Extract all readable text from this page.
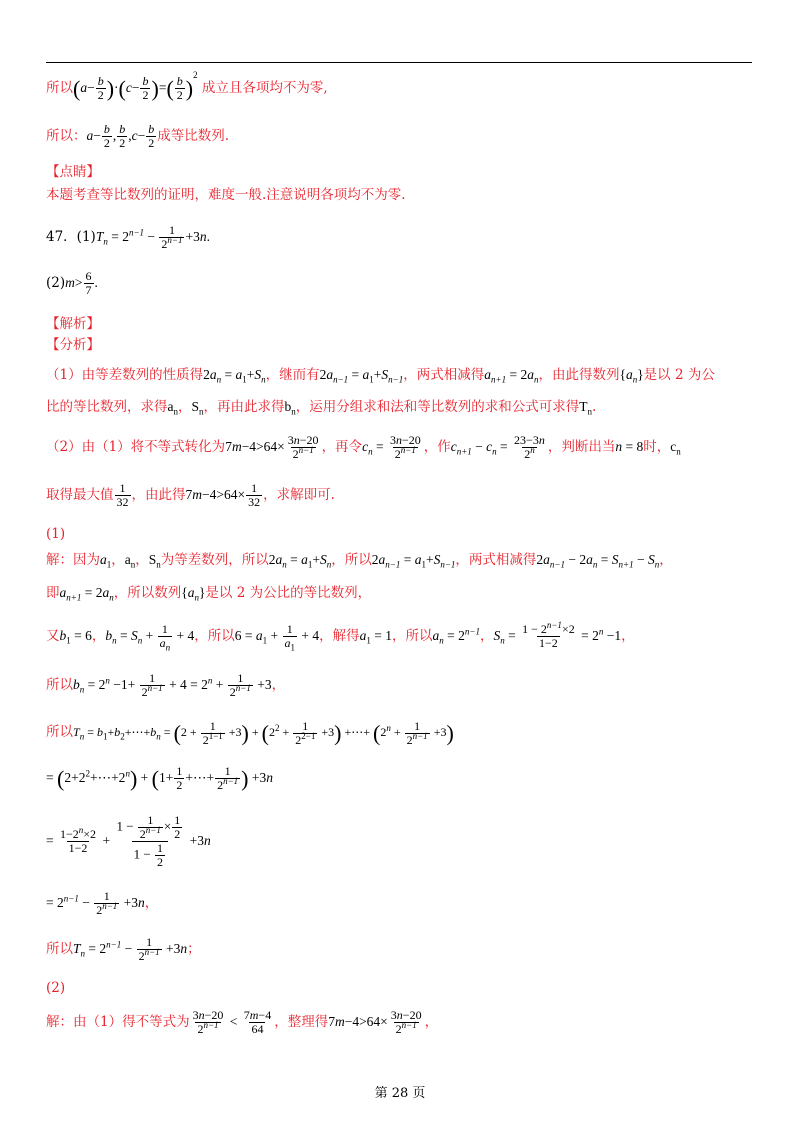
所以$(a- \frac{b}{2} )\cdot(c- \frac{b}{2}$ )=( $\frac{b}{2} )^2$ 成立且各项均不为零,
所以：$a- \frac{b}{2}$ , $\frac{b}{2} ,c- \frac{b}{2}$ 成等比数列.
【点睛】
本题考查等比数列的证明，难度一般.注意说明各项均不为零.
47．$(1)T_n = 2^{n-1} - \frac{1}{2^{n-1}} +3n$.
$(2)m> \frac{6}{7}$ .
【解析】
【分析】
（1）由等差数列的性质得$2a_n = a_1+S_n$，继而有$2a_{n-1} = a_1+S_{n-1}$，两式相减得$a_{n+1} = 2a_n$，由此得数列$\{a_n\}$是以 2 为公
比的等比数列，求得$a_n$，$S_n$，再由此求得$b_n$，运用分组求和法和等比数列的求和公式可求得$T_n$.
（2）由（1）将不等式转化为$7m-4>64\times \frac{3n-20}{2^{n-1}}$ ，再令$c_n = \frac{3n-20}{2^{n-1}}$ ，作$c_{n+1} - c_n = \frac{23-3n}{2^n}$ ，判断出当n = 8时，$c_n$
取得最大值 $\frac{1}{32}$ ，由此得$7m-4>64\times \frac{1}{32}$ ，求解即可.
(1)
解：因为$a_1$，$a_n$，$S_n$为等差数列，所以$2a_n = a_1+S_n$，所以$2a_{n-1} = a_1+S_{n-1}$，两式相减得$2a_{n-1} - 2a_n = S_{n+1} - S_n$，
即$a_{n+1} = 2a_n$，所以数列$\{a_n\}$是以 2 为公比的等比数列，
又$b_1 = 6$，$b_n = S_n + \frac{1}{a_n} + 4$，所以$6 = a_1 + \frac{1}{a_1} + 4$，解得$a_1 = 1$，所以$a_n = 2^{n-1}$，$S_n = \frac{1 - 2^{n-1}\times 2}{1-2} = 2^n -1$，
所以$b_n = 2^n -1+ \frac{1}{2^{n-1}} + 4 = 2^n + \frac{1}{2^{n-1}} +3$，
所以$T_n$ = $b_1+b_2+\cdots+b_n = (2 + \frac{1}{2^{1-1}} +3) + (2^2 + \frac{1}{2^{2-1}} +3)$ +⋯+ $(2^n + \frac{1}{2^{n-1}} +3)$
= $(2+2^2+\cdots+2^n) + (1+ \frac{1}{2}$ +⋯+ $\frac{1}{2^{n-1}}$ ) +3n
= $\frac{1-2^n\times 2}{1-2} + \frac{1 - \frac{1}{2^{n-1}} \times \frac{1}{2}}{1 - \frac{1}{2}} +3n$
= $2^{n-1} - \frac{1}{2^{n-1}} +3n$，
所以$T_n = 2^{n-1} - \frac{1}{2^{n-1}} +3n$；
(2)
解：由（1）得不等式为 $\frac{3n-20}{2^{n-1}} < \frac{7m-4}{64}$ ，整理得$7m-4>64\times \frac{3n-20}{2^{n-1}}$ ，
第 28 页
